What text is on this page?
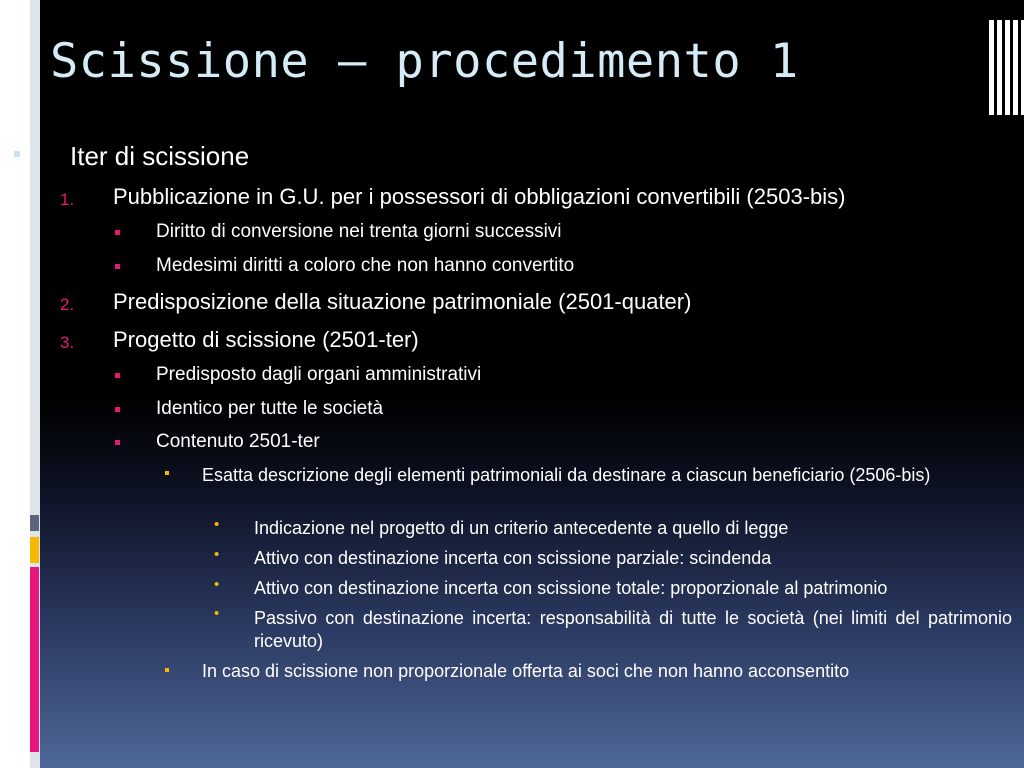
Scissione – procedimento 1
Iter di scissione
1. Pubblicazione in G.U. per i possessori di obbligazioni convertibili (2503-bis)
Diritto di conversione nei trenta giorni successivi
Medesimi diritti a coloro che non hanno convertito
2. Predisposizione della situazione patrimoniale (2501-quater)
3. Progetto di scissione (2501-ter)
Predisposto dagli organi amministrativi
Identico per tutte le società
Contenuto 2501-ter
Esatta descrizione degli elementi patrimoniali da destinare a ciascun beneficiario (2506-bis)
• Indicazione nel progetto di un criterio antecedente a quello di legge
• Attivo con destinazione incerta con scissione parziale: scindenda
• Attivo con destinazione incerta con scissione totale: proporzionale al patrimonio
• Passivo con destinazione incerta: responsabilità di tutte le società (nei limiti del patrimonio ricevuto)
In caso di scissione non proporzionale offerta ai soci che non hanno acconsentito
